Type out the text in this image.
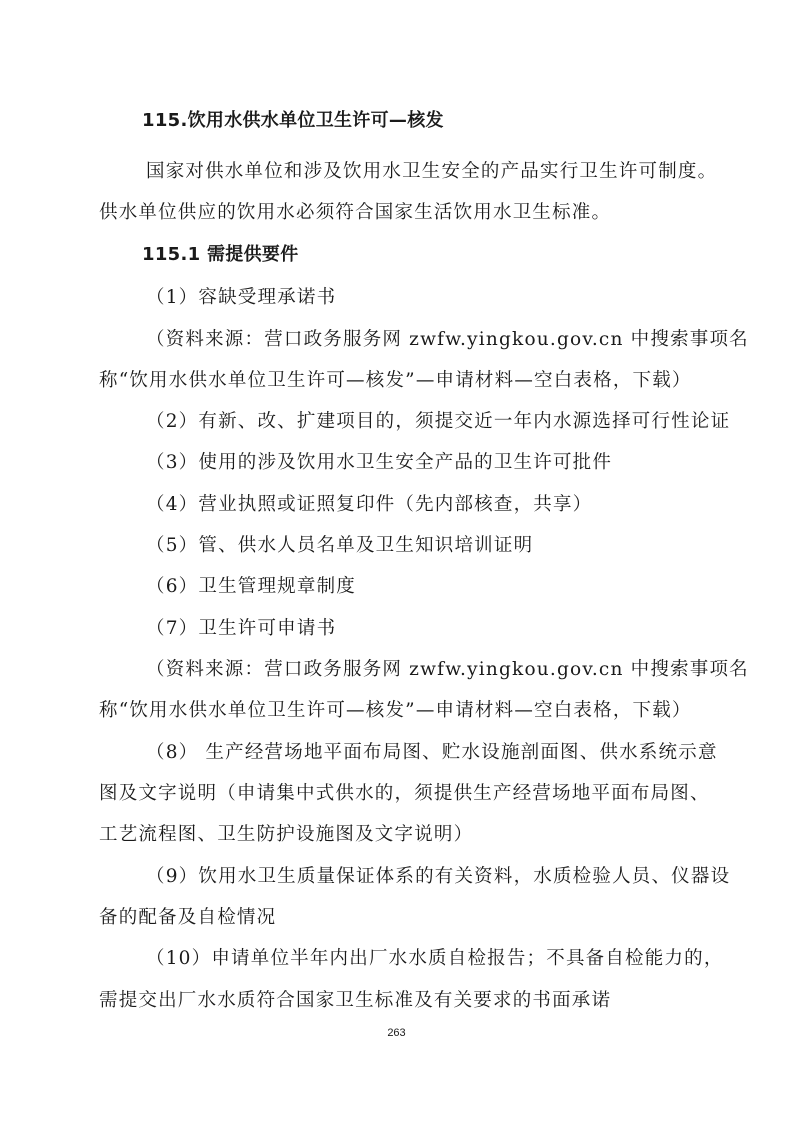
115.饮用水供水单位卫生许可—核发
国家对供水单位和涉及饮用水卫生安全的产品实行卫生许可制度。
供水单位供应的饮用水必须符合国家生活饮用水卫生标准。
115.1 需提供要件
（1）容缺受理承诺书
（资料来源：营口政务服务网 zwfw.yingkou.gov.cn 中搜索事项名
称“饮用水供水单位卫生许可—核发”—申请材料—空白表格，下载）
（2）有新、改、扩建项目的，须提交近一年内水源选择可行性论证
（3）使用的涉及饮用水卫生安全产品的卫生许可批件
（4）营业执照或证照复印件（先内部核查，共享）
（5）管、供水人员名单及卫生知识培训证明
（6）卫生管理规章制度
（7）卫生许可申请书
（资料来源：营口政务服务网 zwfw.yingkou.gov.cn 中搜索事项名
称“饮用水供水单位卫生许可—核发”—申请材料—空白表格，下载）
（8） 生产经营场地平面布局图、贮水设施剖面图、供水系统示意
图及文字说明（申请集中式供水的，须提供生产经营场地平面布局图、
工艺流程图、卫生防护设施图及文字说明）
（9）饮用水卫生质量保证体系的有关资料，水质检验人员、仪器设
备的配备及自检情况
（10）申请单位半年内出厂水水质自检报告；不具备自检能力的，
需提交出厂水水质符合国家卫生标准及有关要求的书面承诺
263
